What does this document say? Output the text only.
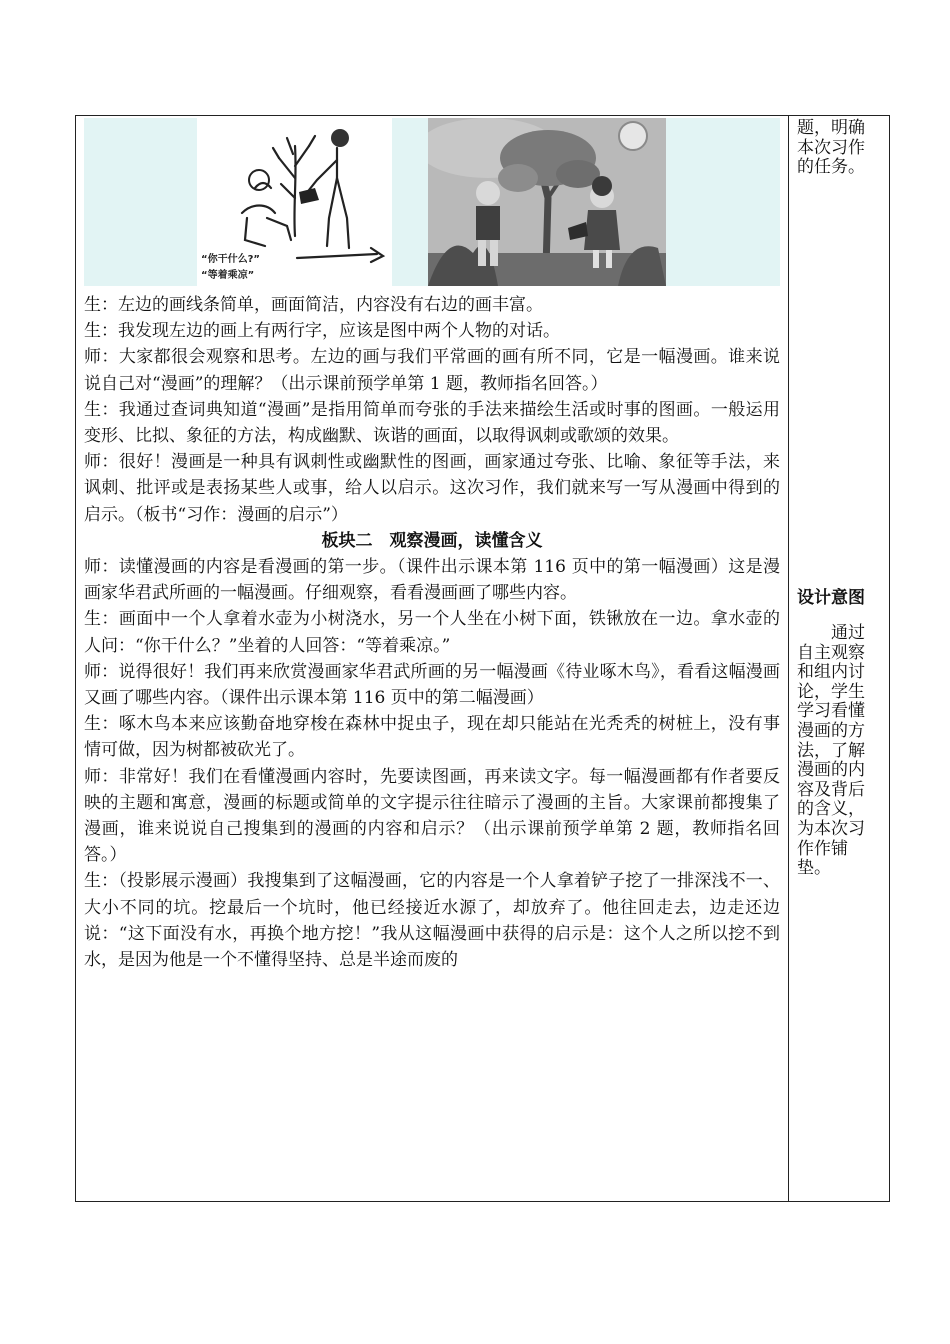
“你干什么?”
“等着乘凉”

生：左边的画线条简单，画面简洁，内容没有右边的画丰富。

生：我发现左边的画上有两行字，应该是图中两个人物的对话。

师：大家都很会观察和思考。左边的画与我们平常画的画有所不同，它是一幅漫画。谁来说说自己对“漫画”的理解？（出示课前预学单第 1 题，教师指名回答。）

生：我通过查词典知道“漫画”是指用简单而夸张的手法来描绘生活或时事的图画。一般运用变形、比拟、象征的方法，构成幽默、诙谐的画面，以取得讽刺或歌颂的效果。

师：很好！漫画是一种具有讽刺性或幽默性的图画，画家通过夸张、比喻、象征等手法，来讽刺、批评或是表扬某些人或事，给人以启示。这次习作，我们就来写一写从漫画中得到的启示。（板书“习作：漫画的启示”）

板块二　观察漫画，读懂含义

师：读懂漫画的内容是看漫画的第一步。（课件出示课本第 116 页中的第一幅漫画）这是漫画家华君武所画的一幅漫画。仔细观察，看看漫画画了哪些内容。

生：画面中一个人拿着水壶为小树浇水，另一个人坐在小树下面，铁锹放在一边。拿水壶的人问：“你干什么？”坐着的人回答：“等着乘凉。”

师：说得很好！我们再来欣赏漫画家华君武所画的另一幅漫画《待业啄木鸟》，看看这幅漫画又画了哪些内容。（课件出示课本第 116 页中的第二幅漫画）

生：啄木鸟本来应该勤奋地穿梭在森林中捉虫子，现在却只能站在光秃秃的树桩上，没有事情可做，因为树都被砍光了。

师：非常好！我们在看懂漫画内容时，先要读图画，再来读文字。每一幅漫画都有作者要反映的主题和寓意，漫画的标题或简单的文字提示往往暗示了漫画的主旨。大家课前都搜集了漫画，谁来说说自己搜集到的漫画的内容和启示？（出示课前预学单第 2 题，教师指名回答。）

生：（投影展示漫画）我搜集到了这幅漫画，它的内容是一个人拿着铲子挖了一排深浅不一、大小不同的坑。挖最后一个坑时，他已经接近水源了，却放弃了。他往回走去，边走还边说：“这下面没有水，再换个地方挖！”我从这幅漫画中获得的启示是：这个人之所以挖不到水，是因为他是一个不懂得坚持、总是半途而废的

题，明确本次习作的任务。
设计意图
通过自主观察和组内讨论，学生学习看懂漫画的方法，了解漫画的内容及背后的含义，为本次习作作铺垫。
